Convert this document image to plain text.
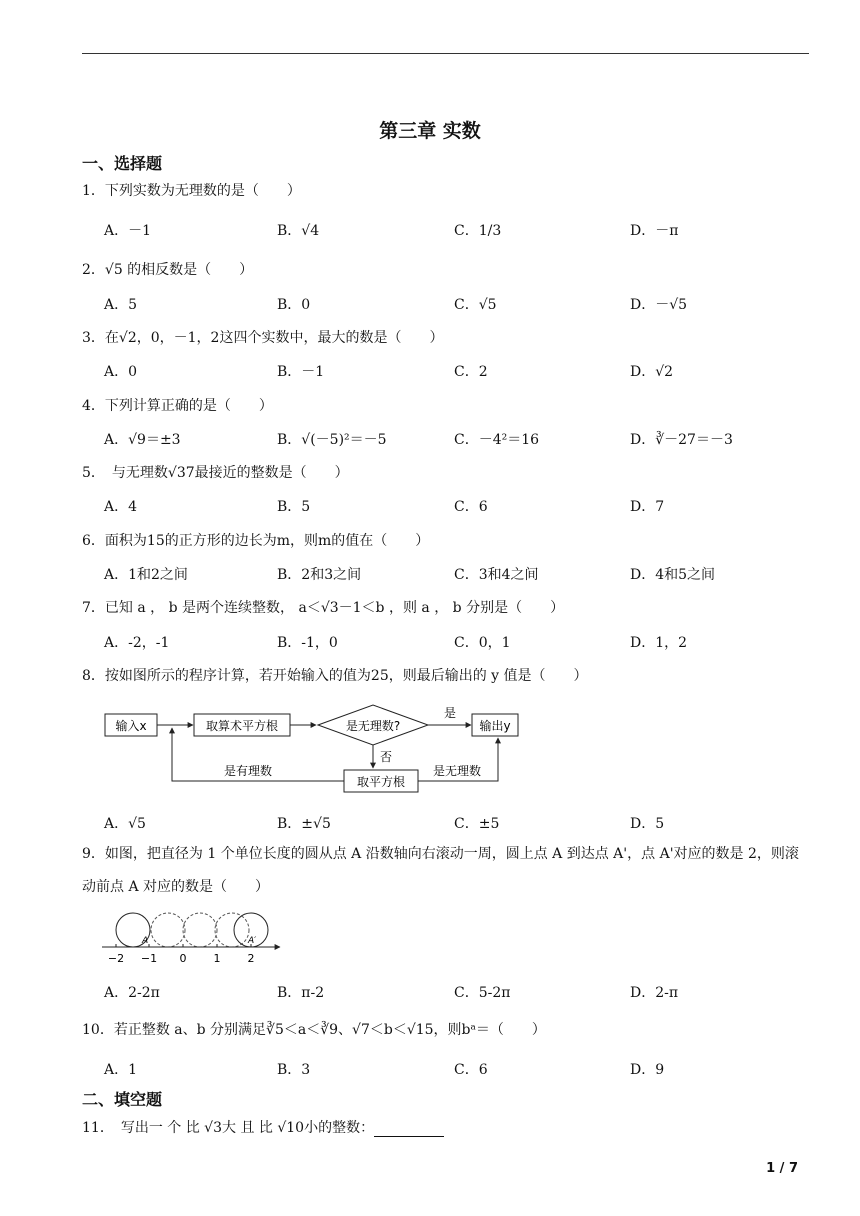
第三章 实数
一、选择题
1．下列实数为无理数的是（　　）
A．－1	B．√4	C．1/3	D．－π
2．√5 的相反数是（　　）
A．5	B．0	C．√5	D．－√5
3．在√2，0，－1，2这四个实数中，最大的数是（　　）
A．0	B．－1	C．2	D．√2
4．下列计算正确的是（　　）
A．√9＝±3	B．√(－5)²＝－5	C．－4²＝16	D．∛－27＝－3
5．　与无理数√37最接近的整数是（　　）
A．4	B．5	C．6	D．7
6．面积为15的正方形的边长为m，则m的值在（　　）
A．1和2之间	B．2和3之间	C．3和4之间	D．4和5之间
7．已知 a ， b 是两个连续整数， a＜√3－1＜b ，则 a ， b 分别是（　　）
A．-2，-1	B．-1，0	C．0，1	D．1，2
8．按如图所示的程序计算，若开始输入的值为25，则最后输出的 y 值是（　　）
输入x	取算术平方根	是无理数?
是
输出y
否
取平方根
是有理数	是无理数
A．√5	B．±√5	C．±5	D．5
9．如图，把直径为 1 个单位长度的圆从点 A 沿数轴向右滚动一周，圆上点 A 到达点 A'，点 A'对应的数是 2，则滚动前点 A 对应的数是（　　）
−2 −1 0 1 2
A	A′
A．2-2π	B．π-2	C．5-2π	D．2-π
10．若正整数 a、b 分别满足∛5＜a＜∛9、√7＜b＜√15，则bᵃ＝（　　）
A．1	B．3	C．6	D．9
二、填空题
11．　写出一 个 比 √3大 且 比 √10小的整数：
1 / 7
